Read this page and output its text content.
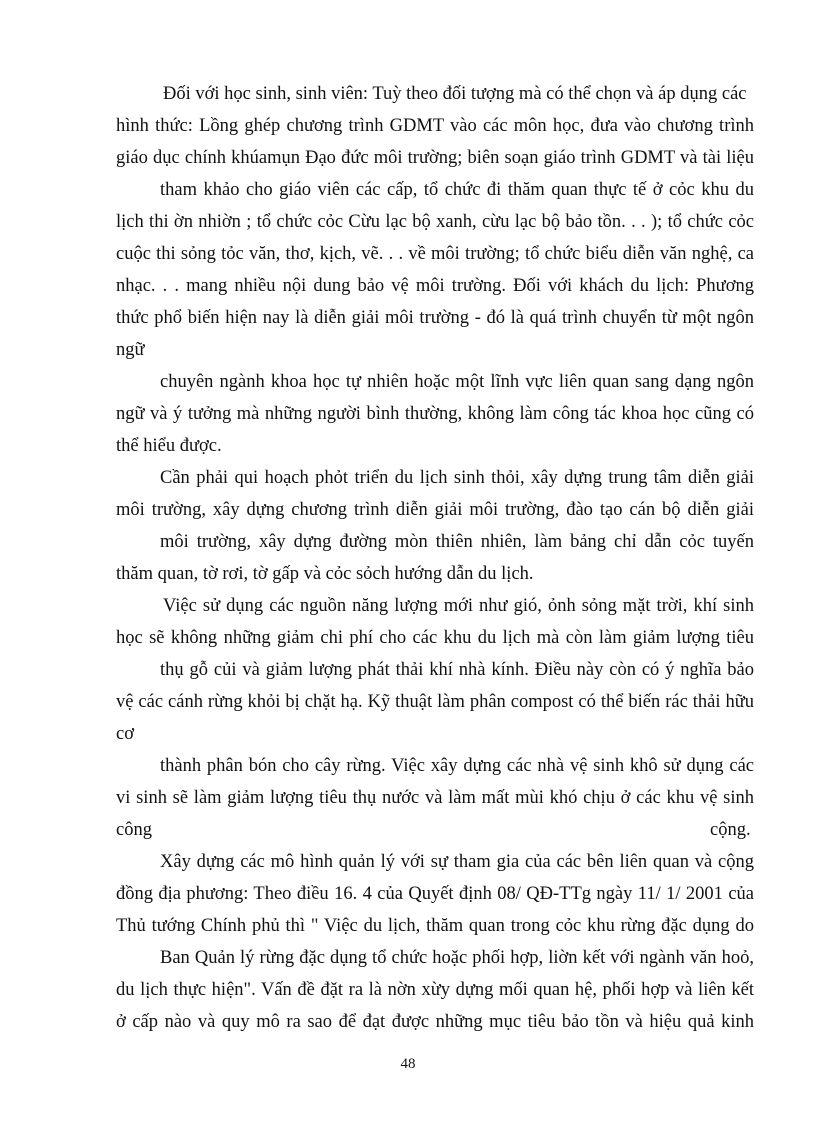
Đối với học sinh, sinh viên: Tuỳ theo đối tượng mà có thể chọn và áp dụng các
hình thức: Lồng ghép chương trình GDMT vào các môn học, đưa vào chương trình
giáo dục chính khúamụn Đạo đức môi trường; biên soạn giáo trình GDMT và tài liệu
tham khảo cho giáo viên các cấp, tổ chức đi thăm quan thực tế ở cỏc khu du
lịch thi ờn nhiờn ; tổ chức cỏc Cừu lạc bộ xanh, cừu lạc bộ bảo tồn. . . ); tổ chức cỏc
cuộc thi sỏng tỏc văn, thơ, kịch, vẽ. . . về môi trường; tổ chức biểu diễn văn nghệ, ca
nhạc. . . mang nhiều nội dung bảo vệ môi trường. Đối với khách du lịch: Phương
thức phổ biến hiện nay là diễn giải môi trường - đó là quá trình chuyển từ một ngôn
ngữ
chuyên ngành khoa học tự nhiên hoặc một lĩnh vực liên quan sang dạng ngôn
ngữ và ý tưởng mà những người bình thường, không làm công tác khoa học cũng có
thể hiểu được.
Cần phải qui hoạch phỏt triển du lịch sinh thỏi, xây dựng trung tâm diễn giải
môi trường, xây dựng chương trình diễn giải môi trường, đào tạo cán bộ diễn giải
môi trường, xây dựng đường mòn thiên nhiên, làm bảng chỉ dẫn cỏc tuyến
thăm quan, tờ rơi, tờ gấp và cỏc sỏch hướng dẫn du lịch.
Việc sử dụng các nguồn năng lượng mới như gió, ỏnh sỏng mặt trời, khí sinh
học sẽ không những giảm chi phí cho các khu du lịch mà còn làm giảm lượng tiêu
thụ gỗ củi và giảm lượng phát thải khí nhà kính. Điều này còn có ý nghĩa bảo
vệ các cánh rừng khỏi bị chặt hạ. Kỹ thuật làm phân compost có thể biến rác thải hữu
cơ
thành phân bón cho cây rừng. Việc xây dựng các nhà vệ sinh khô sử dụng các
vi sinh sẽ làm giảm lượng tiêu thụ nước và làm mất mùi khó chịu ở các khu vệ sinh
công	cộng.
Xây dựng các mô hình quản lý với sự tham gia của các bên liên quan và cộng
đồng địa phương: Theo điều 16. 4 của Quyết định 08/ QĐ-TTg ngày 11/ 1/ 2001 của
Thủ tướng Chính phủ thì " Việc du lịch, thăm quan trong cỏc khu rừng đặc dụng do
Ban Quản lý rừng đặc dụng tổ chức hoặc phối hợp, liờn kết với ngành văn hoỏ,
du lịch thực hiện". Vấn đề đặt ra là nờn xừy dựng mối quan hệ, phối hợp và liên kết
ở cấp nào và quy mô ra sao để đạt được những mục tiêu bảo tồn và hiệu quả kinh
48
